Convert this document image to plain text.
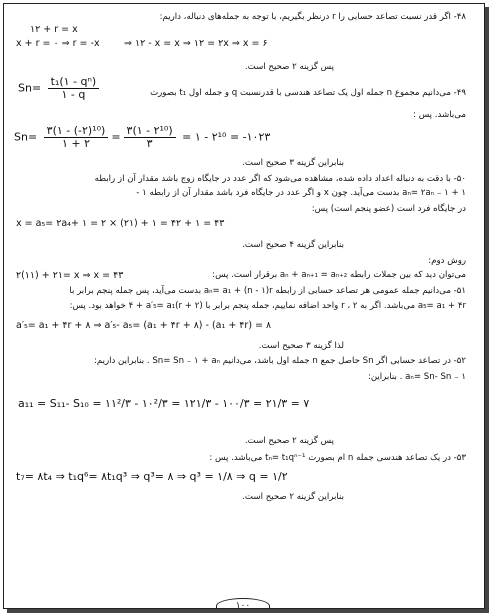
۴۸- اگر قدر نسبت تصاعد حسابی را r درنظر بگیریم، با توجه به جمله‌های دنباله، داریم:
۱۲ + r = x
x + r = ۰ ⇒ r = -x	⇒ ۱۲ - x = x ⇒ ۱۲ = ۲x ⇒ x = ۶
پس گزینه ۲ صحیح است.
۴۹- می‌دانیم مجموع n جمله اول یک تصاعد هندسی با قدرنسبت q و جمله اول t₁ بصورت
$Sn= \frac{\text{t₁(۱ - qⁿ)}}{۱ - q}$
می‌باشد. پس :
$Sn= \frac{\text{۳(۱ - (-۲)¹⁰)}}{۱ + ۲} = \frac{\text{۳(۱ - ۲¹⁰)}}{۳}$ = ۱ - ۲¹⁰ = -۱۰۲۳
بنابراین گزینه ۳ صحیح است.
۵۰- با دقت به دنباله اعداد داده شده، مشاهده می‌شود که اگر عدد در جایگاه زوج باشد مقدار آن از رابطه
aₙ= ۲aₙ ₋ ۱ + ۱ بدست می‌آید. چون x و اگر عدد در جایگاه فرد باشد مقدار آن از رابطه ۱ -
در جایگاه فرد است (عضو پنجم است) پس:
x = a₅= ۲a₄+ ۱ = ۲ × (۲۱) + ۱ = ۴۲ + ۱ = ۴۳
بنابراین گزینه ۴ صحیح است.
روش دوم:
می‌توان دید که بین جملات رابطه aₙ + aₙ₊₁ = aₙ₊₂ برقرار است. پس:
۲(۱۱) + ۲۱= x ⇒ x = ۴۳
۵۱- می‌دانیم جمله عمومی هر تصاعد حسابی از رابطه aₙ= a₁ + (n - ۱)r بدست می‌آید، پس جمله پنجم برابر با
a₅= a₁ + ۴r می‌باشد. اگر به r ، ۲ واحد اضافه نماییم، جمله پنجم برابر با (r + ۲)۴ + a′₅= a₁ خواهد بود. پس:
a′₅= a₁ + ۴r + ۸ ⇒ a′₅- a₅= (a₁ + ۴r + ۸) - (a₁ + ۴r) = ۸
لذا گزینه ۳ صحیح است.
۵۲- در تصاعد حسابی اگر Sn حاصل جمع n جمله اول باشد، می‌دانیم Sn= Sn ₋ ۱ + aₙ . بنابراین داریم:
aₙ= Sn- Sn ₋ ۱ . بنابراین:
a₁₁ = S₁₁- S₁₀ = ۱۱²/۳ - ۱۰²/۳ = ۱۲۱/۳ - ۱۰۰/۳ = ۲۱/۳ = ۷
پس گزینه ۲ صحیح است.
۵۳- در یک تصاعد هندسی جمله n ام بصورت tₙ= t₁qⁿ⁻¹ می‌باشد. پس :
t₇= ۸t₄ ⇒ t₁q⁶= ۸t₁q³ ⇒ q³= ۸ ⇒ q³ = ۱/۸ ⇒ q = ۱/۲
بنابراین گزینه ۲ صحیح است.
۱۰۰
